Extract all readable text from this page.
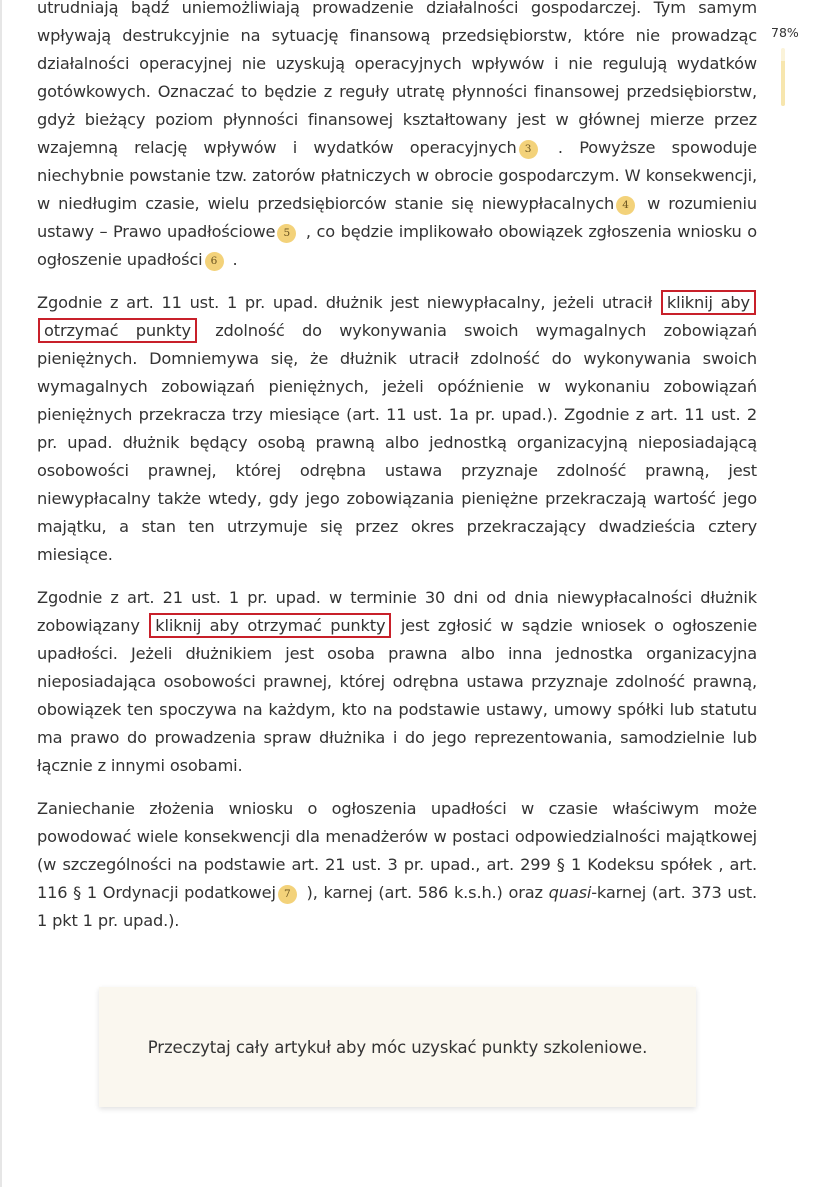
utrudniają bądź uniemożliwiają prowadzenie działalności gospodarczej. Tym samym wpływają destrukcyjnie na sytuację finansową przedsiębiorstw, które nie prowadząc działalności operacyjnej nie uzyskują operacyjnych wpływów i nie regulują wydatków gotówkowych. Oznaczać to będzie z reguły utratę płynności finansowej przedsiębiorstw, gdyż bieżący poziom płynności finansowej kształtowany jest w głównej mierze przez wzajemną relację wpływów i wydatków operacyjnych 3 . Powyższe spowoduje niechybnie powstanie tzw. zatorów płatniczych w obrocie gospodarczym. W konsekwencji, w niedługim czasie, wielu przedsiębiorców stanie się niewypłacalnych 4 w rozumieniu ustawy – Prawo upadłościowe 5 , co będzie implikowało obowiązek zgłoszenia wniosku o ogłoszenie upadłości 6 .

Zgodnie z art. 11 ust. 1 pr. upad. dłużnik jest niewypłacalny, jeżeli utracił kliknij aby otrzymać punkty zdolność do wykonywania swoich wymagalnych zobowiązań pieniężnych. Domniemywa się, że dłużnik utracił zdolność do wykonywania swoich wymagalnych zobowiązań pieniężnych, jeżeli opóźnienie w wykonaniu zobowiązań pieniężnych przekracza trzy miesiące (art. 11 ust. 1a pr. upad.). Zgodnie z art. 11 ust. 2 pr. upad. dłużnik będący osobą prawną albo jednostką organizacyjną nieposiadającą osobowości prawnej, której odrębna ustawa przyznaje zdolność prawną, jest niewypłacalny także wtedy, gdy jego zobowiązania pieniężne przekraczają wartość jego majątku, a stan ten utrzymuje się przez okres przekraczający dwadzieścia cztery miesiące.

Zgodnie z art. 21 ust. 1 pr. upad. w terminie 30 dni od dnia niewypłacalności dłużnik zobowiązany kliknij aby otrzymać punkty jest zgłosić w sądzie wniosek o ogłoszenie upadłości. Jeżeli dłużnikiem jest osoba prawna albo inna jednostka organizacyjna nieposiadająca osobowości prawnej, której odrębna ustawa przyznaje zdolność prawną, obowiązek ten spoczywa na każdym, kto na podstawie ustawy, umowy spółki lub statutu ma prawo do prowadzenia spraw dłużnika i do jego reprezentowania, samodzielnie lub łącznie z innymi osobami.

Zaniechanie złożenia wniosku o ogłoszenia upadłości w czasie właściwym może powodować wiele konsekwencji dla menadżerów w postaci odpowiedzialności majątkowej (w szczególności na podstawie art. 21 ust. 3 pr. upad., art. 299 § 1 Kodeksu spółek , art. 116 § 1 Ordynacji podatkowej 7 ), karnej (art. 586 k.s.h.) oraz quasi-karnej (art. 373 ust. 1 pkt 1 pr. upad.).

78%
Przeczytaj cały artykuł aby móc uzyskać punkty szkoleniowe.
